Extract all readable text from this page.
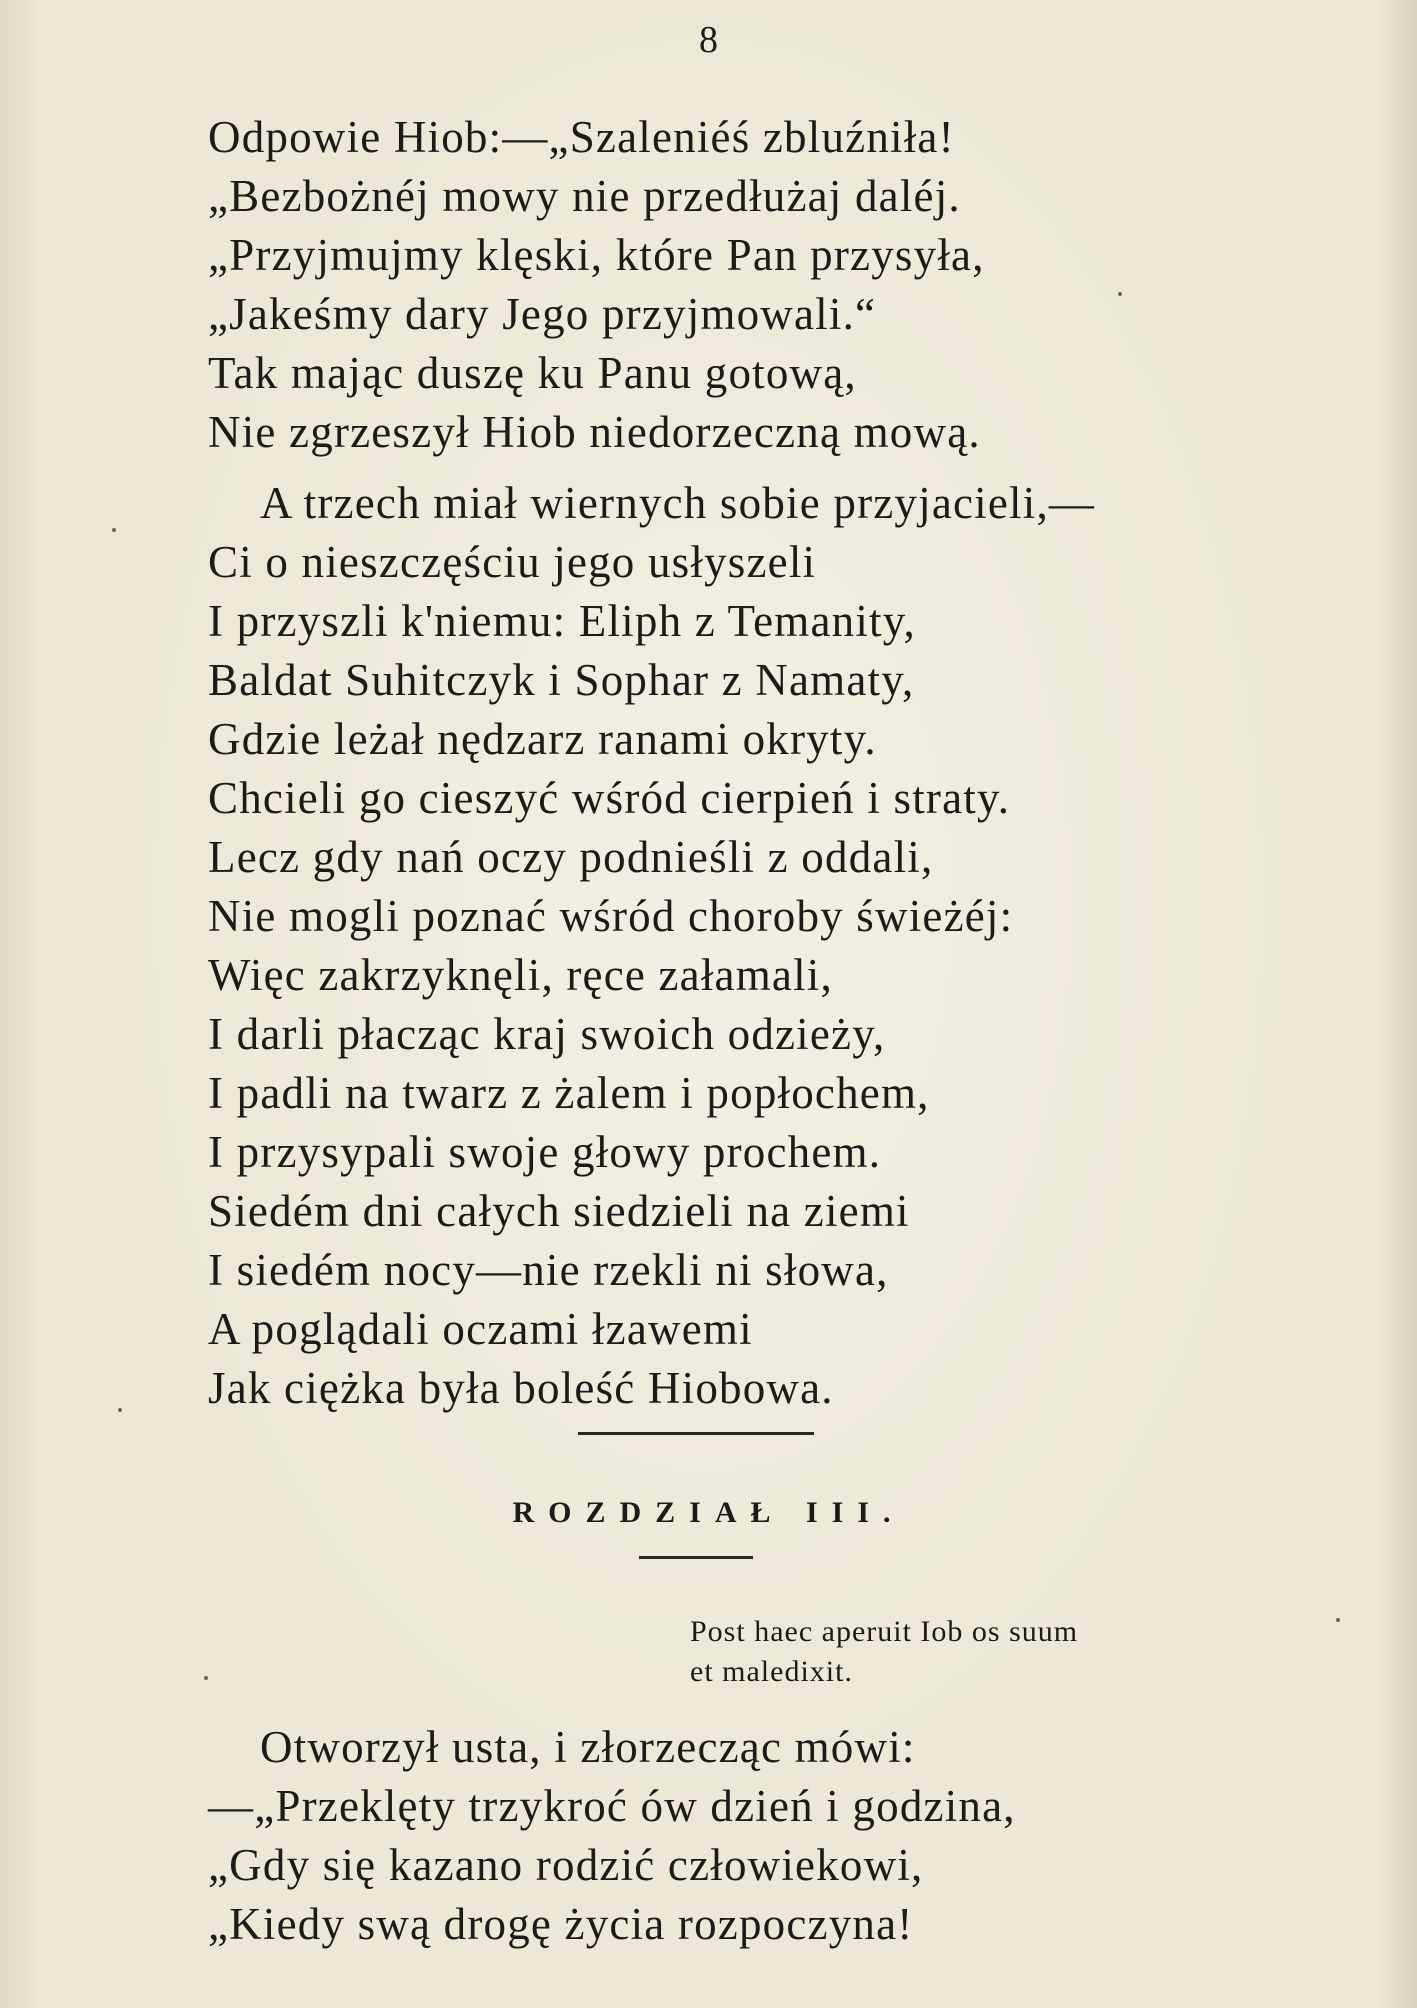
8
Odpowie Hiob:—„Szaleniéś zbluźniła!
„Bezbożnéj mowy nie przedłużaj daléj.
„Przyjmujmy klęski, które Pan przysyła,
„Jakeśmy dary Jego przyjmowali.“
Tak mając duszę ku Panu gotową,
Nie zgrzeszył Hiob niedorzeczną mową.
A trzech miał wiernych sobie przyjacieli,—
Ci o nieszczęściu jego usłyszeli
I przyszli k'niemu: Eliph z Temanity,
Baldat Suhitczyk i Sophar z Namaty,
Gdzie leżał nędzarz ranami okryty.
Chcieli go cieszyć wśród cierpień i straty.
Lecz gdy nań oczy podnieśli z oddali,
Nie mogli poznać wśród choroby świeżéj:
Więc zakrzyknęli, ręce załamali,
I darli płacząc kraj swoich odzieży,
I padli na twarz z żalem i popłochem,
I przysypali swoje głowy prochem.
Siedém dni całych siedzieli na ziemi
I siedém nocy—nie rzekli ni słowa,
A poglądali oczami łzawemi
Jak ciężka była boleść Hiobowa.
ROZDZIAŁ III.
Post haec aperuit Iob os suum
et maledixit.
Otworzył usta, i złorzecząc mówi:
—„Przeklęty trzykroć ów dzień i godzina,
„Gdy się kazano rodzić człowiekowi,
„Kiedy swą drogę życia rozpoczyna!
